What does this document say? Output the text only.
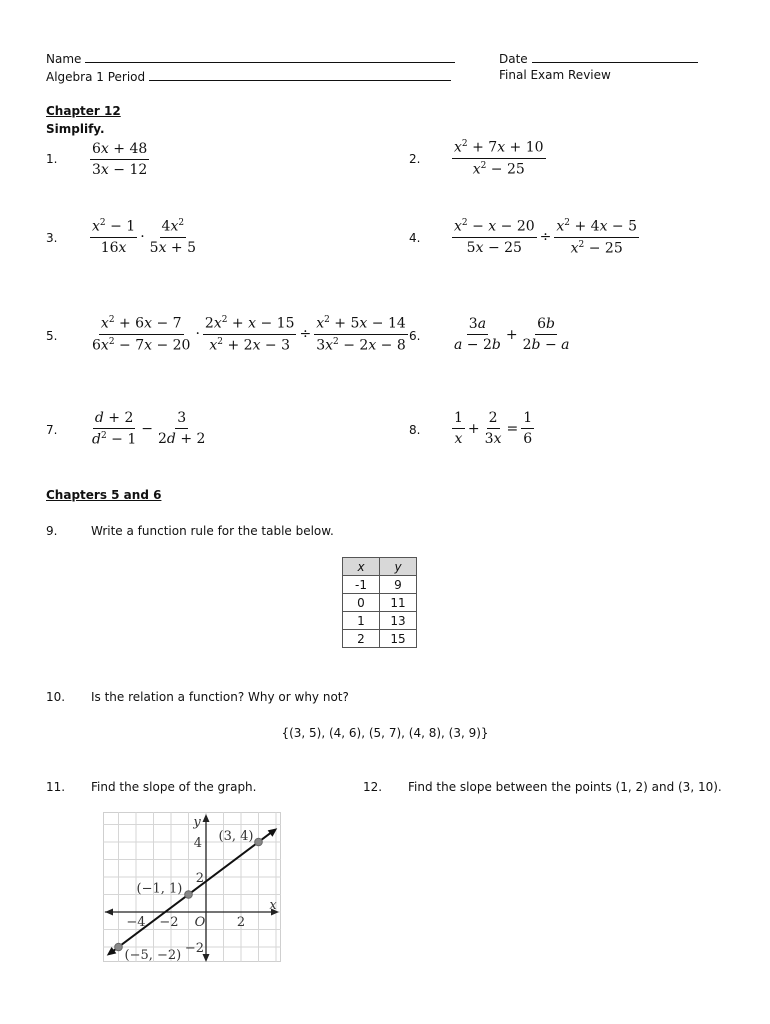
Name
Algebra 1 Period
Date
Final Exam Review
Chapter 12
Simplify.
1. $\frac{6x + 48}{3x - 12}$	2. $\frac{x^2 + 7x + 10}{x^2 - 25}$
3. $\frac{x^2 - 1}{16x} \cdot \frac{4x^2}{5x + 5}$	4. $\frac{x^2 - x - 20}{5x - 25} \div \frac{x^2 + 4x - 5}{x^2 - 25}$
5. $\frac{x^2 + 6x - 7}{6x^2 - 7x - 20} \cdot \frac{2x^2 + x - 15}{x^2 + 2x - 3} \div \frac{x^2 + 5x - 14}{3x^2 - 2x - 8} 6$. $\frac{3a}{a - 2b} + \frac{6b}{2b - a}$
7. $\frac{d + 2}{d^2 - 1} - \frac{3}{2d + 2}$	8. $\frac{1}{x} + \frac{2}{3x} = \frac{1}{6}$
Chapters 5 and 6
9.	Write a function rule for the table below.
x	y
-1	9
0	11
1	13
2	15
10. Is the relation a function? Why or why not?
{(3, 5), (4, 6), (5, 7), (4, 8), (3, 9)}
11. Find the slope of the graph.	12. Find the slope between the points (1, 2) and (3, 10).
−4 −2	2
O
x
y
4
2
−2
(3, 4)
(−1, 1)
(−5, −2)
